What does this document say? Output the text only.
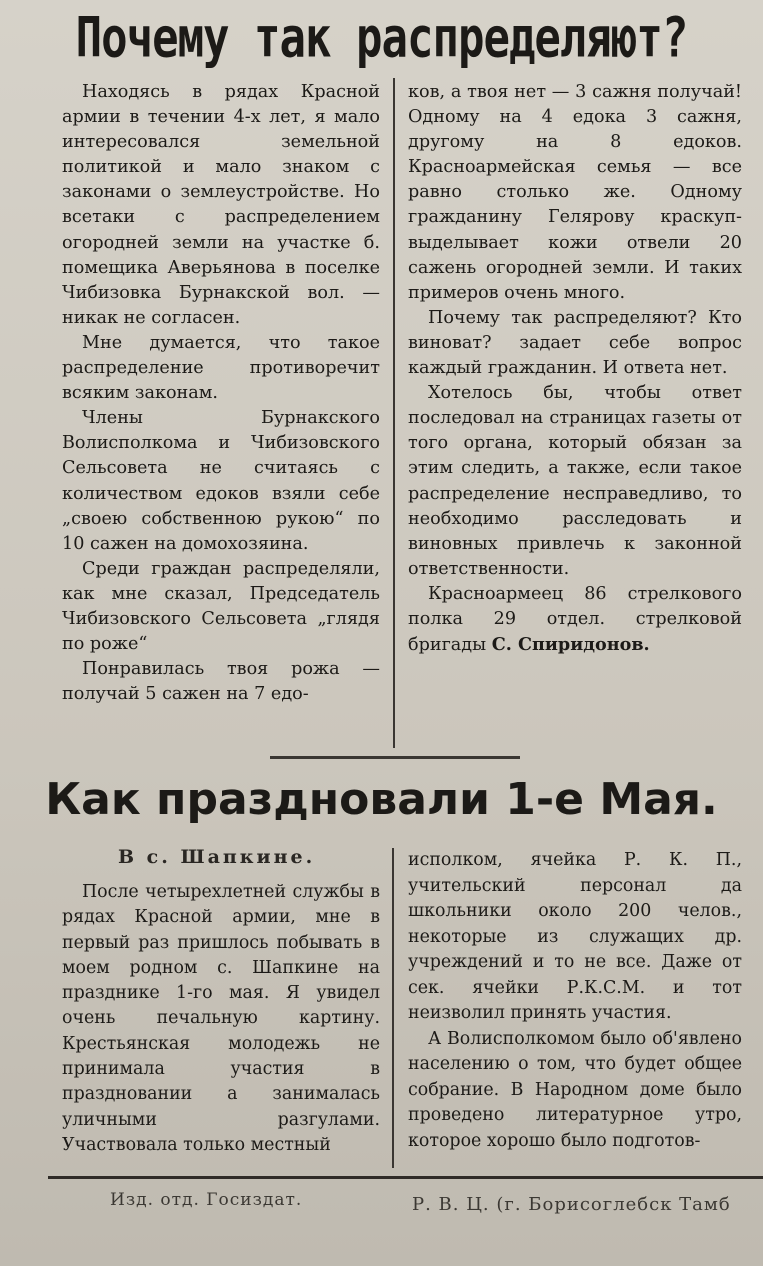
Почему так распределяют?

Находясь в рядах Красной армии в течении 4-х лет, я мало интересовался земельной политикой и мало знаком с законами о землеустройстве. Но всетаки с распределением огородней земли на участке б. помещика Аверьянова в поселке Чибизовка Бурнакской вол. — никак не согласен.

Мне думается, что такое распределение противоречит всяким законам.

Члены Бурнакского Волисполкома и Чибизовского Сельсовета не считаясь с количеством едоков взяли себе „своею собственною рукою“ по 10 сажен на домохозяина.

Среди граждан распределяли, как мне сказал, Председатель Чибизовского Сельсовета „глядя по роже“

Понравилась твоя рожа — получай 5 сажен на 7 едо-

ков, а твоя нет — 3 сажня получай! Одному на 4 едока 3 сажня, другому на 8 едоков. Красноармейская семья — все равно столько же. Одному гражданину Гелярову краскуп-выделывает кожи отвели 20 сажень огородней земли. И таких примеров очень много.

Почему так распределяют? Кто виноват? задает себе вопрос каждый гражданин. И ответа нет.

Хотелось бы, чтобы ответ последовал на страницах газеты от того органа, который обязан за этим следить, а также, если такое распределение несправедливо, то необходимо расследовать и виновных привлечь к законной ответственности.

Красноармеец 86 стрелкового полка 29 отдел. стрелковой бригады С. Спиридонов.

Как праздновали 1-е Мая.
В с. Шапкине.

После четырехлетней службы в рядах Красной армии, мне в первый раз пришлось побывать в моем родном с. Шапкине на празднике 1-го мая. Я увидел очень печальную картину. Крестьянская молодежь не принимала участия в праздновании а занималась уличными разгулами. Участвовала только местный

исполком, ячейка Р. К. П., учительский персонал да школьники около 200 челов., некоторые из служащих др. учреждений и то не все. Даже от сек. ячейки Р.К.С.М. и тот неизволил принять участия.

А Волисполкомом было об'явлено населению о том, что будет общее собрание. В Народном доме было проведено литературное утро, которое хорошо было подготов-

Изд. отд. Госиздат.	Р. В. Ц. (г. Борисоглебск Тамб
